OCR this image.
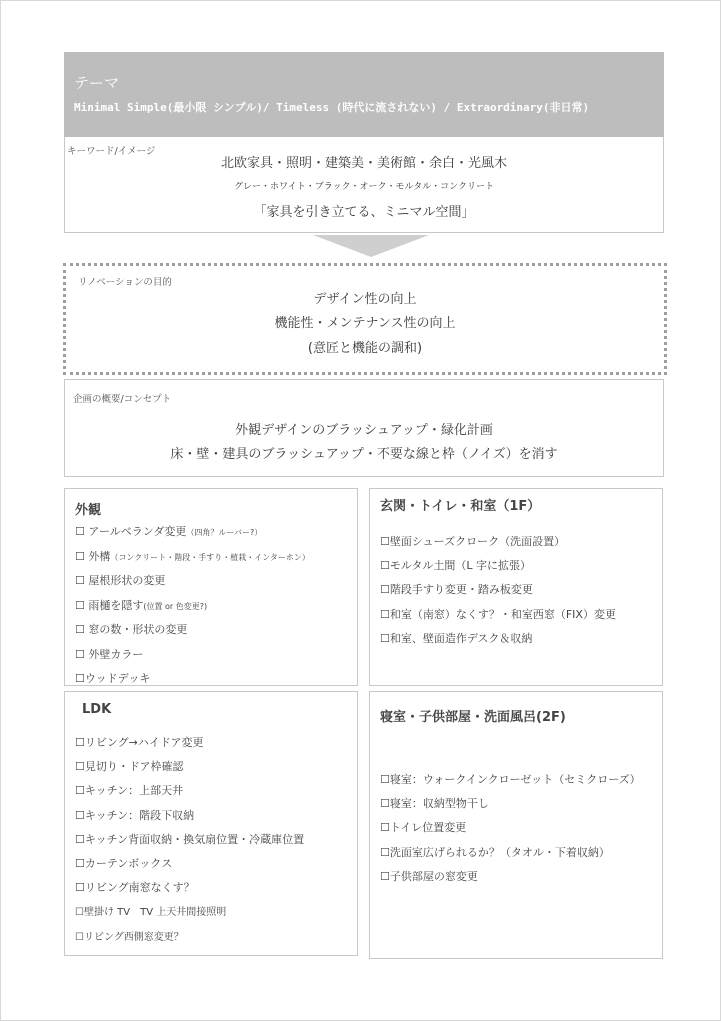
テーマ
Minimal Simple(最小限 シンプル)/ Timeless (時代に流されない) / Extraordinary(非日常)
キーワード/イメージ
北欧家具・照明・建築美・美術館・余白・光風木
グレー・ホワイト・ブラック・オーク・モルタル・コンクリート
「家具を引き立てる、ミニマル空間」
リノベーションの目的
デザイン性の向上
機能性・メンテナンス性の向上
(意匠と機能の調和)
企画の概要/コンセプト
外観デザインのブラッシュアップ・緑化計画
床・壁・建具のブラッシュアップ・不要な線と枠（ノイズ）を消す
外観
☐ アールベランダ変更（四角？ルーバー?）
☐ 外構（コンクリート・階段・手すり・植栽・インターホン）
☐ 屋根形状の変更
☐ 雨樋を隠す(位置 or 色変更?)
☐ 窓の数・形状の変更
☐ 外壁カラー
☐ウッドデッキ
玄関・トイレ・和室（1F）
☐壁面シューズクローク（洗面設置）
☐モルタル土間（L 字に拡張）
☐階段手すり変更・踏み板変更
☐和室（南窓）なくす？・和室西窓（FIX）変更
☐和室、壁面造作デスク＆収納
LDK
☐リビング→ハイドア変更
☐見切り・ドア枠確認
☐キッチン：上部天井
☐キッチン：階段下収納
☐キッチン背面収納・換気扇位置・冷蔵庫位置
☐カーテンボックス
☐リビング南窓なくす？
☐壁掛け TV　TV 上天井間接照明
☐リビング西側窓変更？
寝室・子供部屋・洗面風呂(2F)
☐寝室：ウォークインクローゼット（セミクローズ）
☐寝室：収納型物干し
☐トイレ位置変更
☐洗面室広げられるか？（タオル・下着収納）
☐子供部屋の窓変更
